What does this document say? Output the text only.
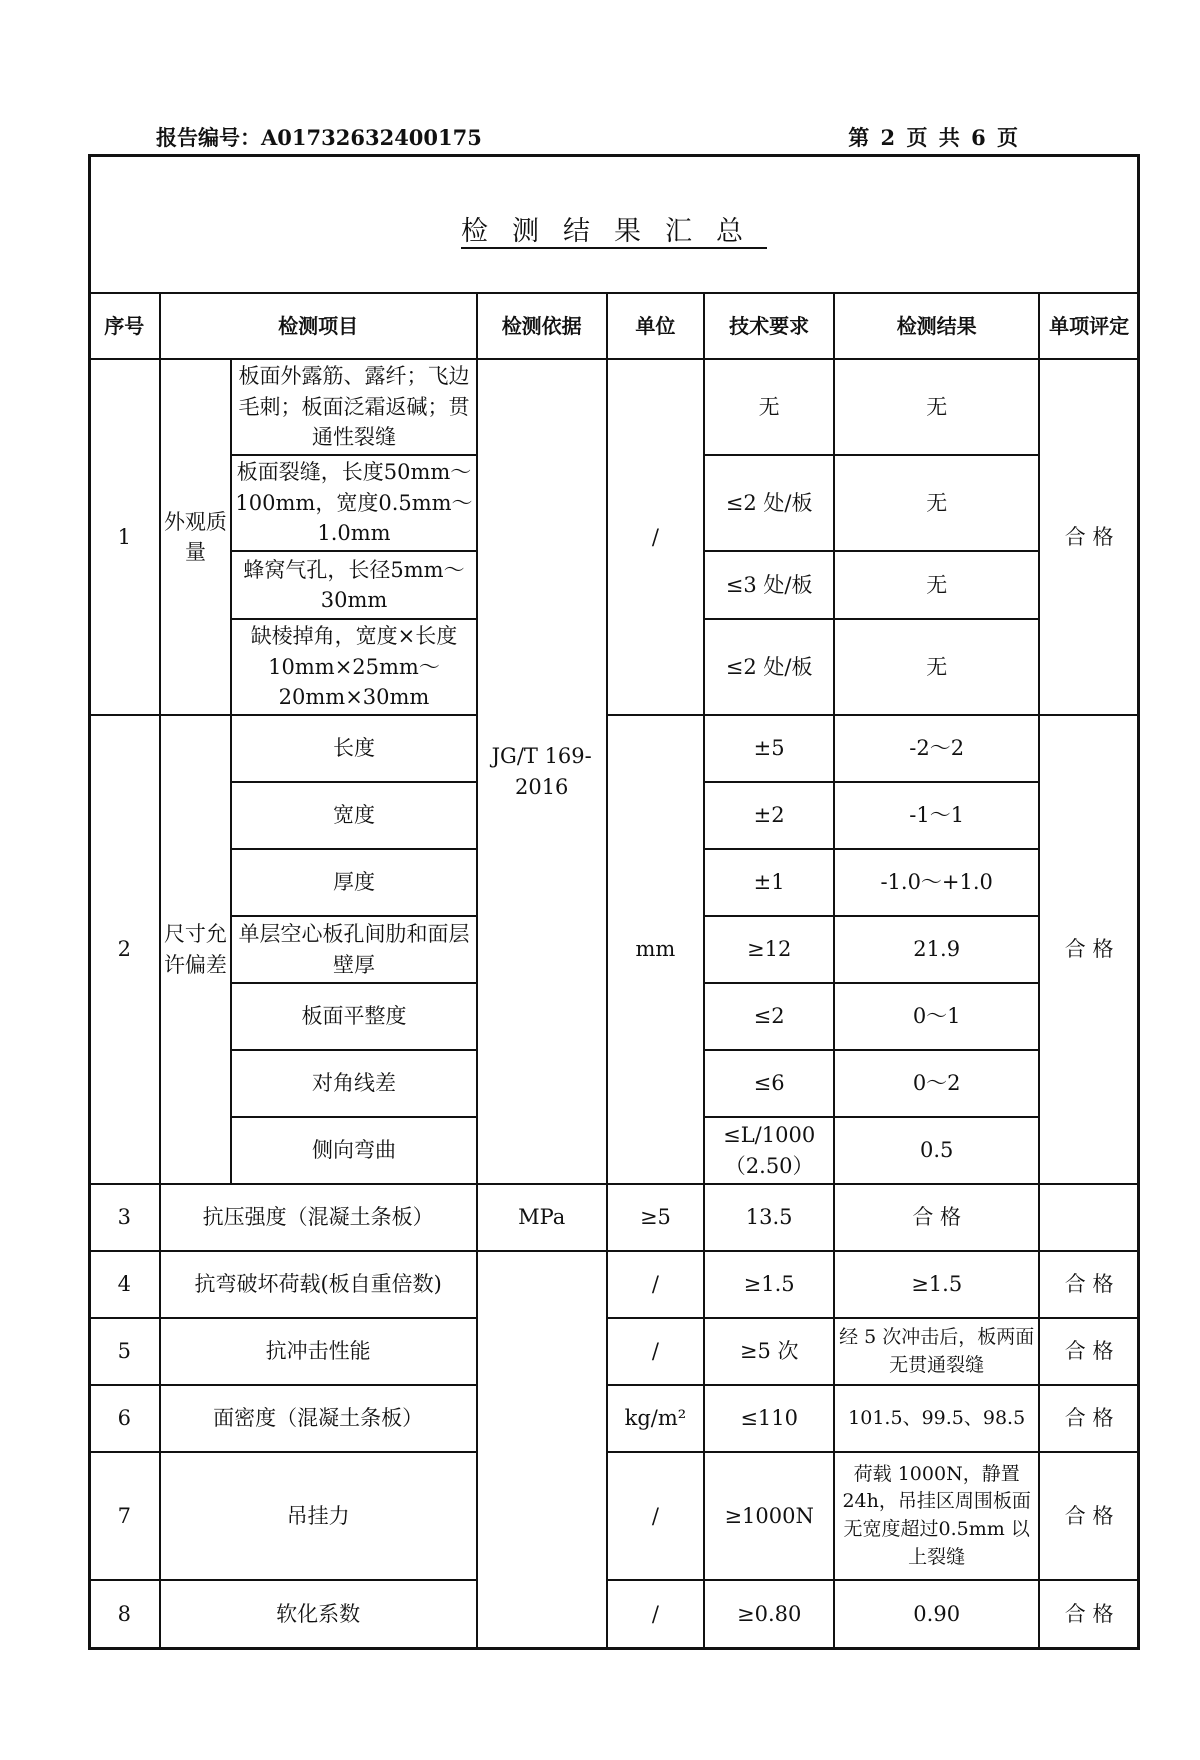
报告编号：A01732632400175	第 2 页 共 6 页
检测结果汇总
序号	检测项目		检测依据	单位	技术要求	检测结果	单项评定
1	外观质量	板面外露筋、露纤；飞边毛刺；板面泛霜返碱；贯通性裂缝	JG/T 169-2016	/	无	无	合 格
		板面裂缝，长度50mm～100mm，宽度0.5mm～1.0mm			≤2 处/板	无	
		蜂窝气孔，长径5mm～30mm			≤3 处/板	无	
		缺棱掉角，宽度×长度 10mm×25mm～20mm×30mm			≤2 处/板	无	
2	尺寸允许偏差	长度		mm	±5	-2～2	合 格
		宽度			±2	-1～1	
		厚度			±1	-1.0～+1.0	
		单层空心板孔间肋和面层壁厚			≥12	21.9	
		板面平整度			≤2	0～1	
		对角线差			≤6	0～2	
		侧向弯曲			≤L/1000（2.50）	0.5	
3	抗压强度（混凝土条板）		MPa	≥5	13.5	合 格	
4	抗弯破坏荷载(板自重倍数)			/	≥1.5	≥1.5	合 格
5	抗冲击性能			/	≥5 次	经 5 次冲击后，板两面无贯通裂缝	合 格
6	面密度（混凝土条板）			kg/m²	≤110	101.5、99.5、98.5	合 格
7	吊挂力			/	≥1000N	荷载 1000N，静置24h，吊挂区周围板面无宽度超过0.5mm 以上裂缝	合 格
8	软化系数			/	≥0.80	0.90	合 格
